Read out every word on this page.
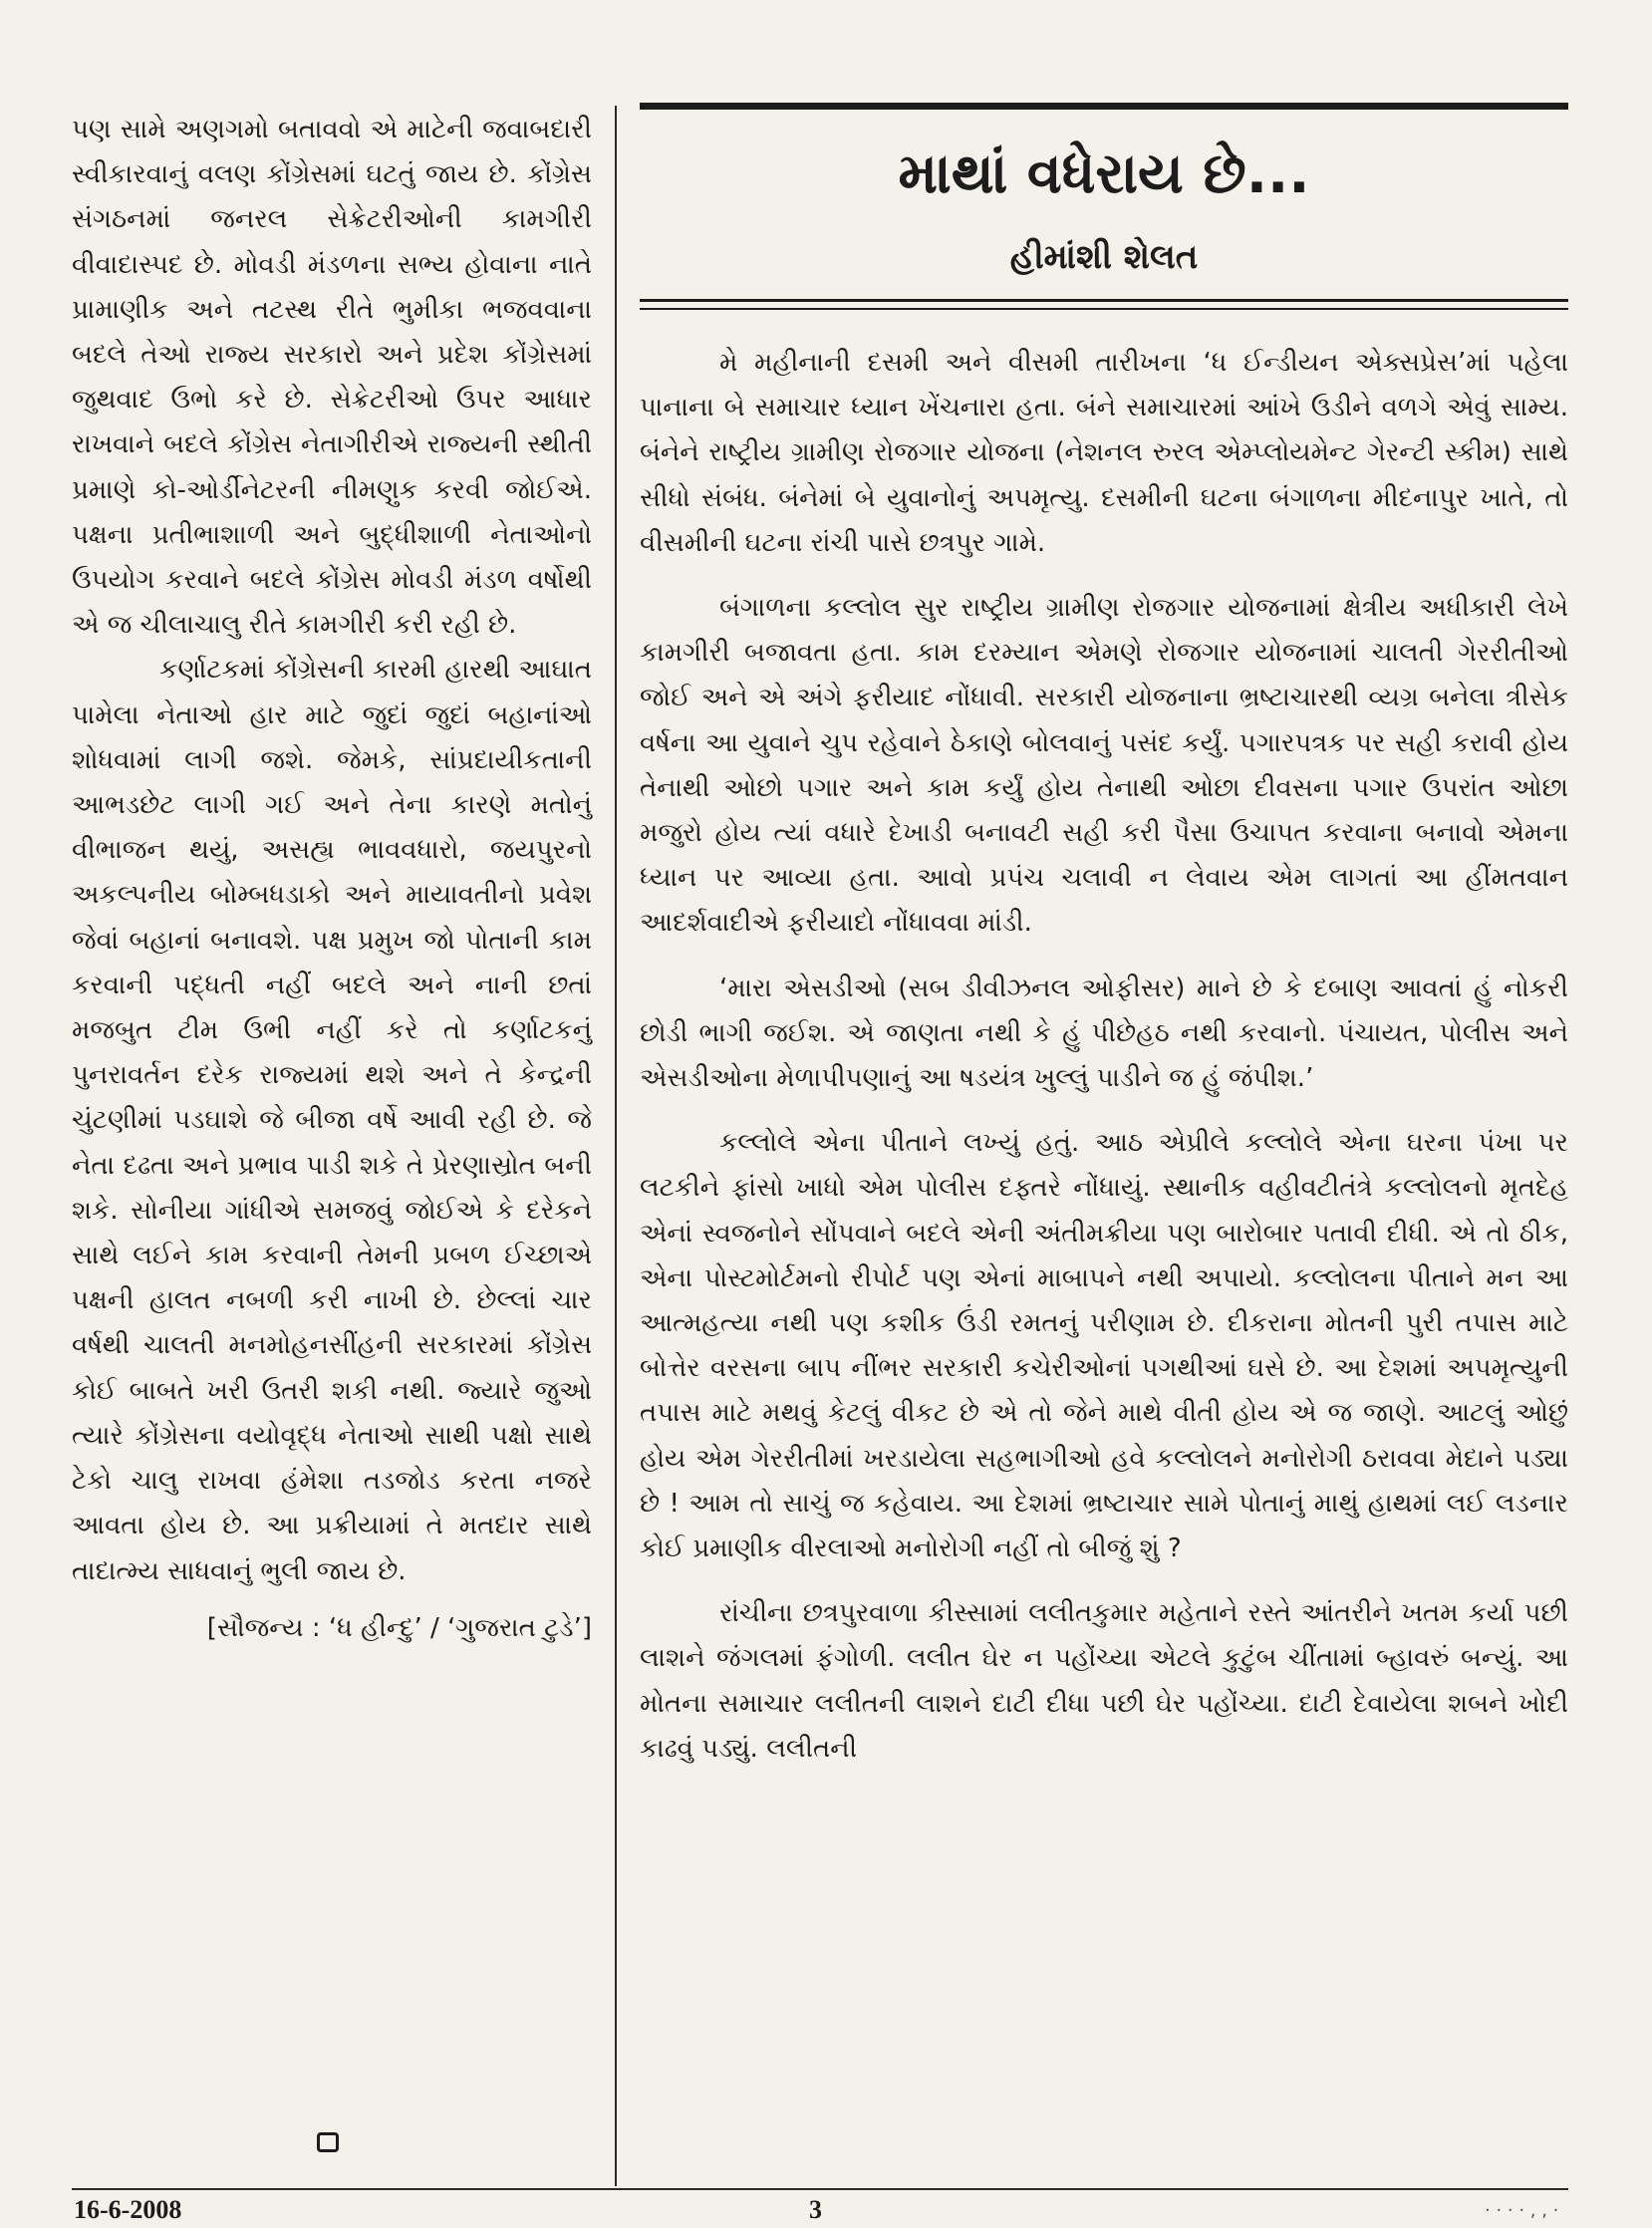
પણ સામે અણગમો બતાવવો એ માટેની જવાબદારી સ્વીકારવાનું વલણ કોંગ્રેસમાં ઘટતું જાય છે. કોંગ્રેસ સંગઠનમાં જનરલ સેક્રેટરીઓની કામગીરી વીવાદાસ્પદ છે. મોવડી મંડળના સભ્ય હોવાના નાતે પ્રામાણીક અને તટસ્થ રીતે ભુમીકા ભજવવાના બદલે તેઓ રાજ્ય સરકારો અને પ્રદેશ કોંગ્રેસમાં જુથવાદ ઉભો કરે છે. સેક્રેટરીઓ ઉપર આધાર રાખવાને બદલે કોંગ્રેસ નેતાગીરીએ રાજ્યની સ્થીતી પ્રમાણે કો-ઓર્ડીનેટરની નીમણુક કરવી જોઈએ. પક્ષના પ્રતીભાશાળી અને બુદ્ધીશાળી નેતાઓનો ઉપયોગ કરવાને બદલે કોંગ્રેસ મોવડી મંડળ વર્ષોથી એ જ ચીલાચાલુ રીતે કામગીરી કરી રહી છે.

કર્ણાટકમાં કોંગ્રેસની કારમી હારથી આઘાત પામેલા નેતાઓ હાર માટે જુદાં જુદાં બહાનાંઓ શોધવામાં લાગી જશે. જેમકે, સાંપ્રદાયીકતાની આભડછેટ લાગી ગઈ અને તેના કારણે મતોનું વીભાજન થયું, અસહ્ય ભાવવધારો, જયપુરનો અકલ્પનીય બોમ્બધડાકો અને માયાવતીનો પ્રવેશ જેવાં બહાનાં બનાવશે. પક્ષ પ્રમુખ જો પોતાની કામ કરવાની પદ્ધતી નહીં બદલે અને નાની છતાં મજબુત ટીમ ઉભી નહીં કરે તો કર્ણાટકનું પુનરાવર્તન દરેક રાજ્યમાં થશે અને તે કેન્દ્રની ચુંટણીમાં પડઘાશે જે બીજા વર્ષે આવી રહી છે. જે નેતા દઢતા અને પ્રભાવ પાડી શકે તે પ્રેરણાસ્રોત બની શકે. સોનીયા ગાંધીએ સમજવું જોઈએ કે દરેકને સાથે લઈને કામ કરવાની તેમની પ્રબળ ઈચ્છાએ પક્ષની હાલત નબળી કરી નાખી છે. છેલ્લાં ચાર વર્ષથી ચાલતી મનમોહનસીંહની સરકારમાં કોંગ્રેસ કોઈ બાબતે ખરી ઉતરી શકી નથી. જ્યારે જુઓ ત્યારે કોંગ્રેસના વયોવૃદ્ધ નેતાઓ સાથી પક્ષો સાથે ટેકો ચાલુ રાખવા હંમેશા તડજોડ કરતા નજરે આવતા હોય છે. આ પ્રક્રીયામાં તે મતદાર સાથે તાદાત્મ્ય સાધવાનું ભુલી જાય છે.

[સૌજન્ય : ‘ધ હીન્દુ’ / ‘ગુજરાત ટુડે’]
માથાં વધેરાય છે...
હીમાંશી શેલત

મે મહીનાની દસમી અને વીસમી તારીખના ‘ધ ઈન્ડીયન એક્સપ્રેસ’માં પહેલા પાનાના બે સમાચાર ધ્યાન ખેંચનારા હતા. બંને સમાચારમાં આંખે ઉડીને વળગે એવું સામ્ય. બંનેને રાષ્ટ્રીય ગ્રામીણ રોજગાર યોજના (નેશનલ રુરલ એમ્પ્લોયમેન્ટ ગેરન્ટી સ્કીમ) સાથે સીધો સંબંધ. બંનેમાં બે યુવાનોનું અપમૃત્યુ. દસમીની ઘટના બંગાળના મીદનાપુર ખાતે, તો વીસમીની ઘટના રાંચી પાસે છત્રપુર ગામે.

બંગાળના કલ્લોલ સુર રાષ્ટ્રીય ગ્રામીણ રોજગાર યોજનામાં ક્ષેત્રીય અધીકારી લેખે કામગીરી બજાવતા હતા. કામ દરમ્યાન એમણે રોજગાર યોજનામાં ચાલતી ગેરરીતીઓ જોઈ અને એ અંગે ફરીયાદ નોંધાવી. સરકારી યોજનાના ભ્રષ્ટાચારથી વ્યગ્ર બનેલા ત્રીસેક વર્ષના આ યુવાને ચુપ રહેવાને ઠેકાણે બોલવાનું પસંદ કર્યું. પગારપત્રક પર સહી કરાવી હોય તેનાથી ઓછો પગાર અને કામ કર્યું હોય તેનાથી ઓછા દીવસના પગાર ઉપરાંત ઓછા મજુરો હોય ત્યાં વધારે દેખાડી બનાવટી સહી કરી પૈસા ઉચાપત કરવાના બનાવો એમના ધ્યાન પર આવ્યા હતા. આવો પ્રપંચ ચલાવી ન લેવાય એમ લાગતાં આ હીંમતવાન આદર્શવાદીએ ફરીયાદો નોંધાવવા માંડી.

‘મારા એસડીઓ (સબ ડીવીઝનલ ઓફીસર) માને છે કે દબાણ આવતાં હું નોકરી છોડી ભાગી જઈશ. એ જાણતા નથી કે હું પીછેહઠ નથી કરવાનો. પંચાયત, પોલીસ અને એસડીઓના મેળાપીપણાનું આ ષડયંત્ર ખુલ્લું પાડીને જ હું જંપીશ.’

કલ્લોલે એના પીતાને લખ્યું હતું. આઠ એપ્રીલે કલ્લોલે એના ઘરના પંખા પર લટકીને ફાંસો ખાધો એમ પોલીસ દફ્તરે નોંધાયું. સ્થાનીક વહીવટીતંત્રે કલ્લોલનો મૃતદેહ એનાં સ્વજનોને સોંપવાને બદલે એની અંતીમક્રીયા પણ બારોબાર પતાવી દીધી. એ તો ઠીક, એના પોસ્ટમોર્ટમનો રીપોર્ટ પણ એનાં માબાપને નથી અપાયો. કલ્લોલના પીતાને મન આ આત્મહત્યા નથી પણ કશીક ઉંડી રમતનું પરીણામ છે. દીકરાના મોતની પુરી તપાસ માટે બોત્તેર વરસના બાપ નીંભર સરકારી કચેરીઓનાં પગથીઆં ઘસે છે. આ દેશમાં અપમૃત્યુની તપાસ માટે મથવું કેટલું વીકટ છે એ તો જેને માથે વીતી હોય એ જ જાણે. આટલું ઓછું હોય એમ ગેરરીતીમાં ખરડાયેલા સહભાગીઓ હવે કલ્લોલને મનોરોગી ઠરાવવા મેદાને પડ્યા છે ! આમ તો સાચું જ કહેવાય. આ દેશમાં ભ્રષ્ટાચાર સામે પોતાનું માથું હાથમાં લઈ લડનાર કોઈ પ્રમાણીક વીરલાઓ મનોરોગી નહીં તો બીજું શું ?

રાંચીના છત્રપુરવાળા કીસ્સામાં લલીતકુમાર મહેતાને રસ્તે આંતરીને ખતમ કર્યા પછી લાશને જંગલમાં ફંગોળી. લલીત ઘેર ન પહોંચ્યા એટલે કુટુંબ ચીંતામાં બ્હાવરું બન્યું. આ મોતના સમાચાર લલીતની લાશને દાટી દીધા પછી ઘેર પહોંચ્યા. દાટી દેવાયેલા શબને ખોદી કાઢવું પડ્યું. લલીતની

16-6-2008	3	· · · · , , ·
